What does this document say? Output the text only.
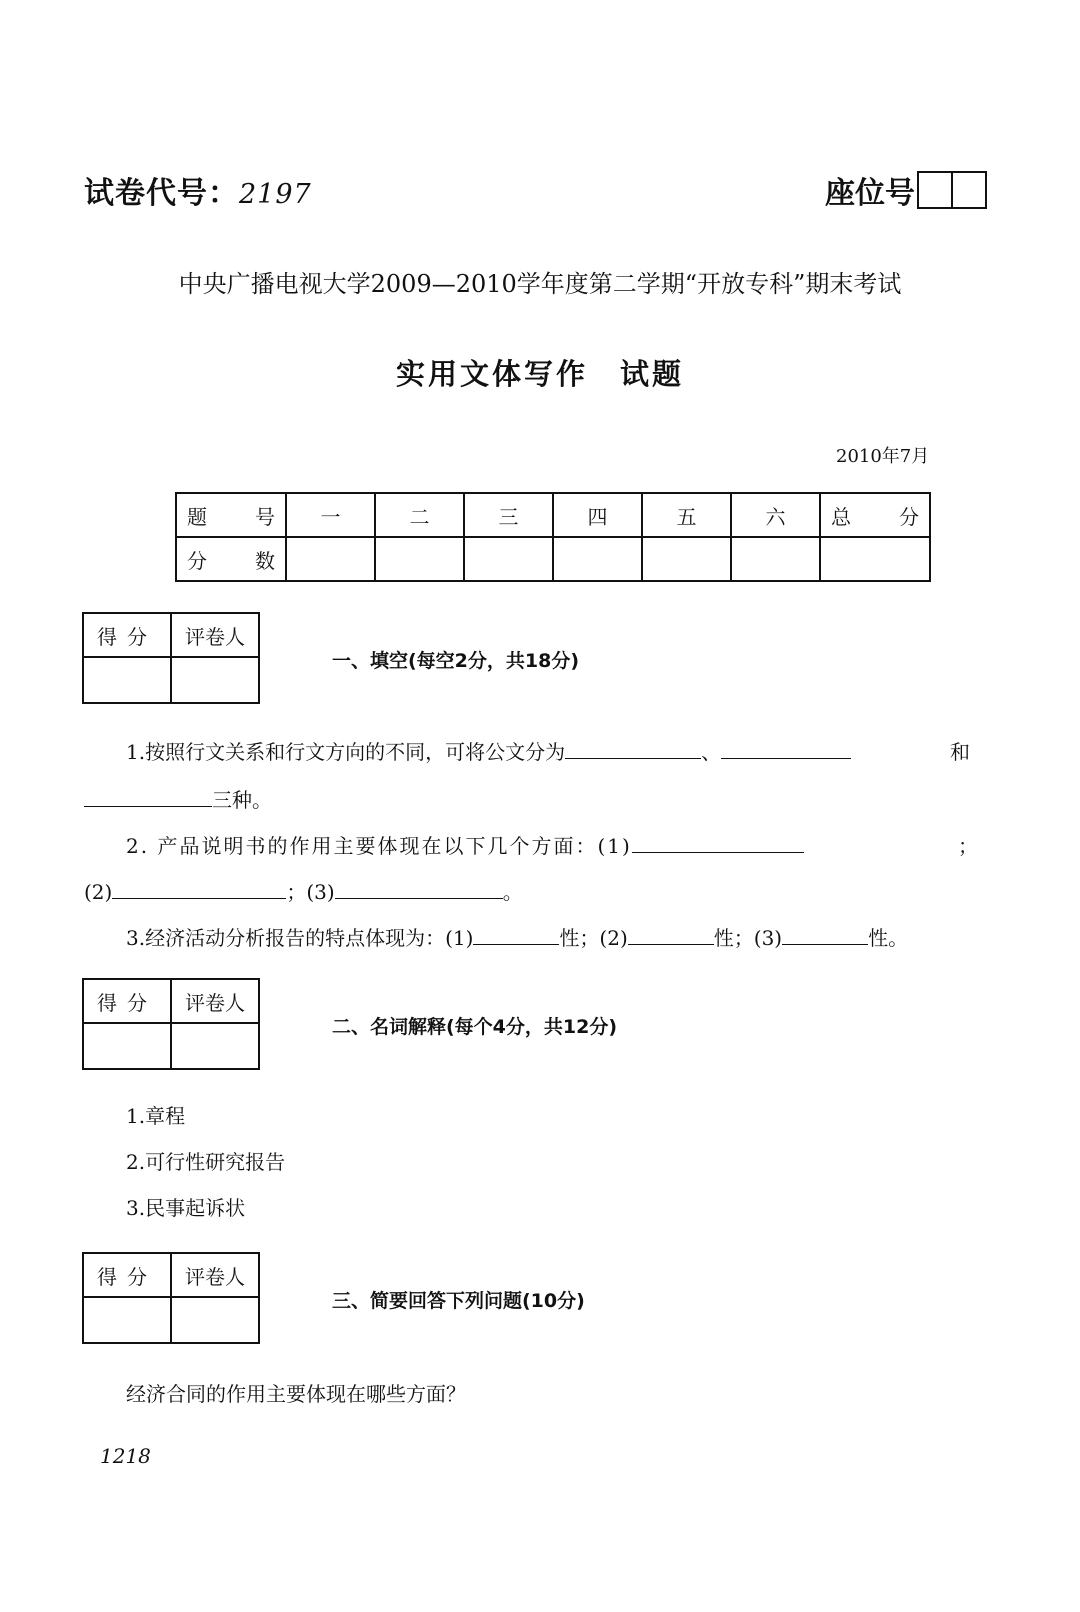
试卷代号：2197	座位号
中央广播电视大学2009—2010学年度第二学期“开放专科”期末考试
实用文体写作　试题
2010年7月
题　号	一	二	三	四	五	六	总　分
分　数							
得分	评卷人

一、填空(每空2分，共18分)
1.按照行文关系和行文方向的不同，可将公文分为	、	和
三种。
2. 产品说明书的作用主要体现在以下几个方面：(1)	；
(2)	；(3)	。
3.经济活动分析报告的特点体现为：(1)	性；(2)	性；(3)	性。
得分	评卷人

二、名词解释(每个4分，共12分)
1.章程
2.可行性研究报告
3.民事起诉状
得分	评卷人

三、简要回答下列问题(10分)
经济合同的作用主要体现在哪些方面？
1218
